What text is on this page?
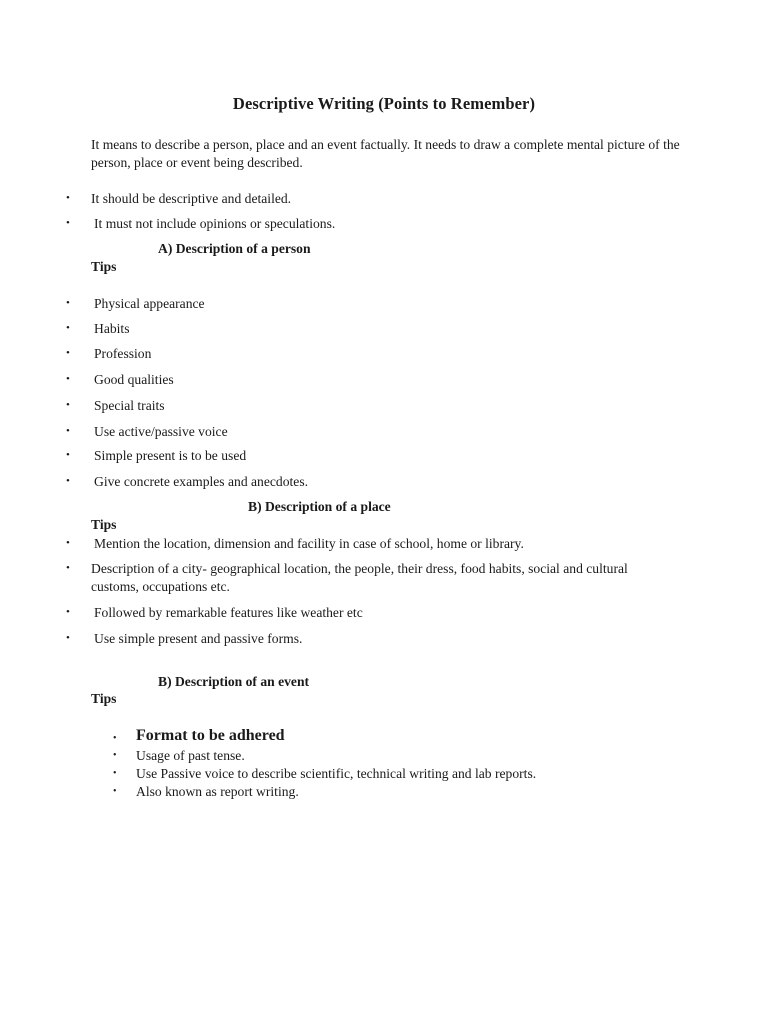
Descriptive Writing (Points to Remember)
It means to describe a person, place and an event factually. It needs to draw a complete mental picture of the person, place or event being described.
•	It should be descriptive and detailed.
•	It must not include opinions or speculations.
A) Description of a person
Tips
•	Physical appearance
•	Habits
•	Profession
•	Good qualities
•	Special traits
•	Use active/passive voice
•	Simple present is to be used
•	Give concrete examples and anecdotes.
B) Description of a place
Tips
•	Mention the location, dimension and facility in case of school, home or library.
•	Description of a city- geographical location, the people, their dress, food habits, social and cultural customs, occupations etc.
•	Followed by remarkable features like weather etc
•	Use simple present and passive forms.
B) Description of an event
Tips
•	Format to be adhered
•	Usage of past tense.
•	Use Passive voice to describe scientific, technical writing and lab reports.
•	Also known as report writing.
